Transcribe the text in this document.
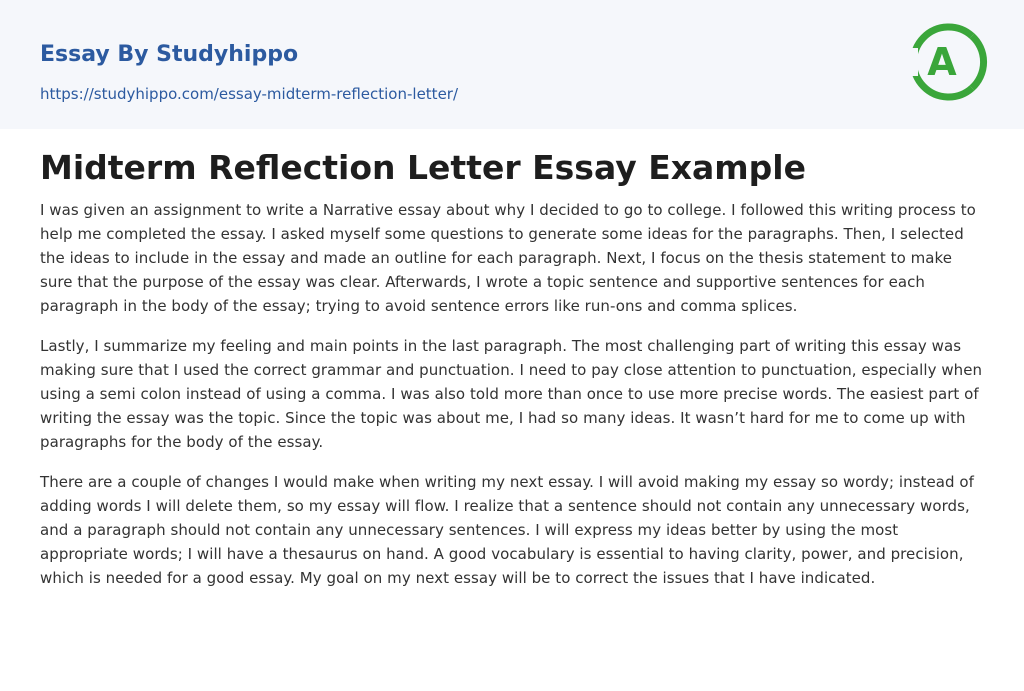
Essay By Studyhippo
https://studyhippo.com/essay-midterm-reflection-letter/
A
Midterm Reflection Letter Essay Example

I was given an assignment to write a Narrative essay about why I decided to go to college. I followed this writing process to help me completed the essay. I asked myself some questions to generate some ideas for the paragraphs. Then, I selected the ideas to include in the essay and made an outline for each paragraph. Next, I focus on the thesis statement to make sure that the purpose of the essay was clear. Afterwards, I wrote a topic sentence and supportive sentences for each paragraph in the body of the essay; trying to avoid sentence errors like run-ons and comma splices.

Lastly, I summarize my feeling and main points in the last paragraph. The most challenging part of writing this essay was making sure that I used the correct grammar and punctuation. I need to pay close attention to punctuation, especially when using a semi colon instead of using a comma. I was also told more than once to use more precise words. The easiest part of writing the essay was the topic. Since the topic was about me, I had so many ideas. It wasn’t hard for me to come up with paragraphs for the body of the essay.

There are a couple of changes I would make when writing my next essay. I will avoid making my essay so wordy; instead of adding words I will delete them, so my essay will flow. I realize that a sentence should not contain any unnecessary words, and a paragraph should not contain any unnecessary sentences. I will express my ideas better by using the most appropriate words; I will have a thesaurus on hand. A good vocabulary is essential to having clarity, power, and precision, which is needed for a good essay. My goal on my next essay will be to correct the issues that I have indicated.
